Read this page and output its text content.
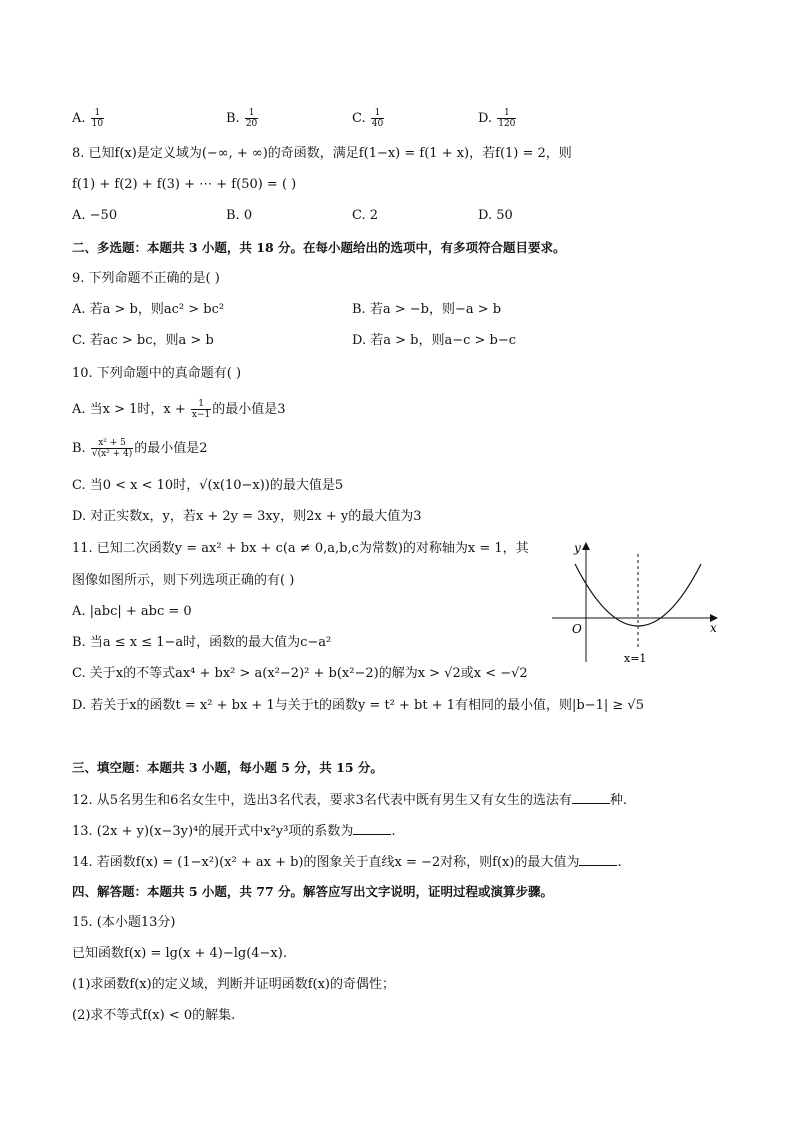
A. $\frac{1}{10}$	B. $\frac{1}{20}$	C. $\frac{1}{40}$	D. $\frac{1}{120}$
8. 已知f(x)是定义域为(−∞, + ∞)的奇函数，满足f(1−x) = f(1 + x)，若f(1) = 2，则
f(1) + f(2) + f(3) + ⋯ + f(50) = ( )
A. −50	B. 0	C. 2	D. 50
二、多选题：本题共 3 小题，共 18 分。在每小题给出的选项中，有多项符合题目要求。
9. 下列命题不正确的是( )
A. 若a > b，则ac² > bc²	B. 若a > −b，则−a > b
C. 若ac > bc，则a > b	D. 若a > b，则a−c > b−c
10. 下列命题中的真命题有( )
A. 当x > 1时，$x + \frac{1}{x-1}$ 的最小值是3
B. $\frac{\text{x² + 5}}{\text{√(x² + 4)}}$ 的最小值是2
C. 当0 < x < 10时，√(x(10−x))的最大值是5
D. 对正实数x，y，若x + 2y = 3xy，则2x + y的最大值为3
11. 已知二次函数y = ax² + bx + c(a ≠ 0,a,b,c为常数)的对称轴为x = 1，其
图像如图所示，则下列选项正确的有( )
A. |abc| + abc = 0
B. 当a ≤ x ≤ 1−a时，函数的最大值为c−a²
C. 关于x的不等式ax⁴ + bx² > a(x²−2)² + b(x²−2)的解为x > √2或x < −√2
D. 若关于x的函数t = x² + bx + 1与关于t的函数y = t² + bt + 1有相同的最小值，则|b−1| ≥ √5
y
x
O
x=1
三、填空题：本题共 3 小题，每小题 5 分，共 15 分。
12. 从5名男生和6名女生中，选出3名代表，要求3名代表中既有男生又有女生的选法有	种.
13. (2x + y)(x−3y)⁴的展开式中x²y³项的系数为	.
14. 若函数f(x) = (1−x²)(x² + ax + b)的图象关于直线x = −2对称，则f(x)的最大值为	.
四、解答题：本题共 5 小题，共 77 分。解答应写出文字说明，证明过程或演算步骤。
15. (本小题13分)
已知函数f(x) = lg(x + 4)−lg(4−x).
(1)求函数f(x)的定义域，判断并证明函数f(x)的奇偶性；
(2)求不等式f(x) < 0的解集.
